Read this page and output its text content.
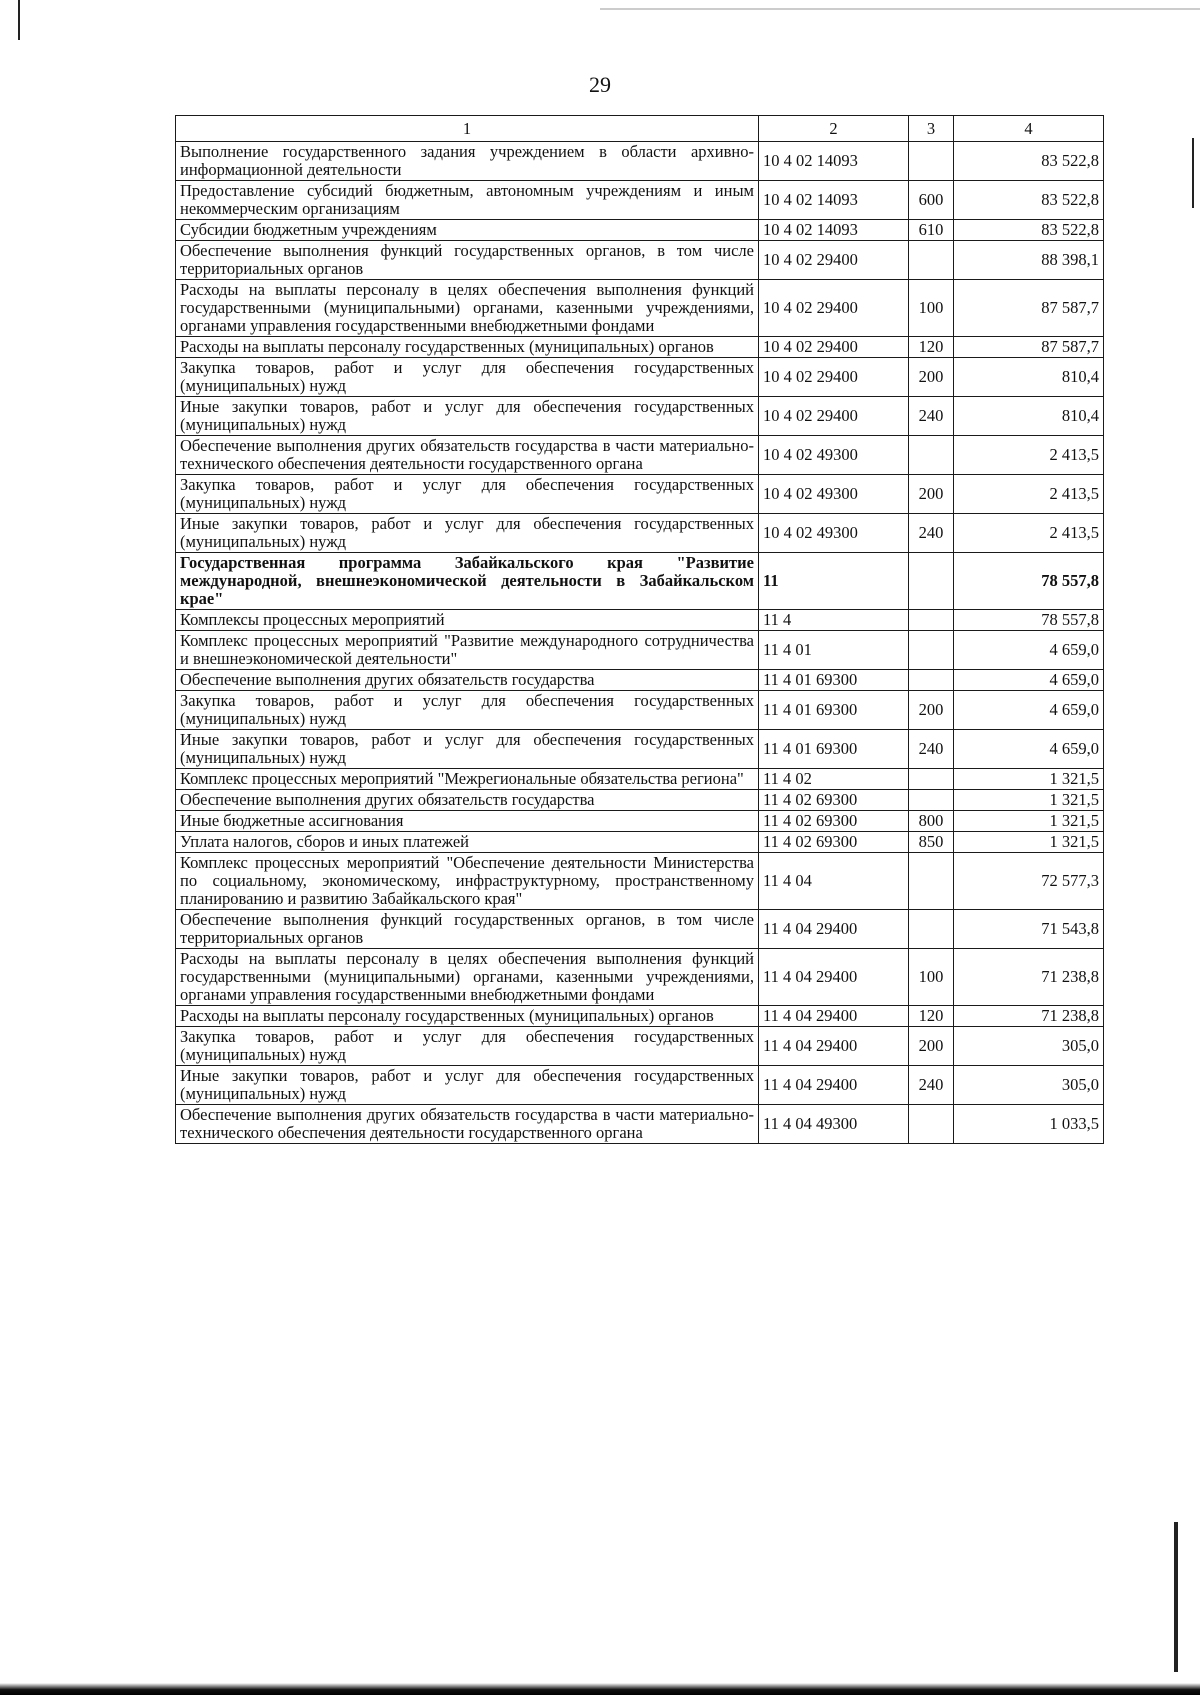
29
1	2	3	4
Выполнение государственного задания учреждением в области архивно-информационной деятельности	10 4 02 14093		83 522,8
Предоставление субсидий бюджетным, автономным учреждениям и иным некоммерческим организациям	10 4 02 14093	600	83 522,8
Субсидии бюджетным учреждениям	10 4 02 14093	610	83 522,8
Обеспечение выполнения функций государственных органов, в том числе территориальных органов	10 4 02 29400		88 398,1
Расходы на выплаты персоналу в целях обеспечения выполнения функций государственными (муниципальными) органами, казенными учреждениями, органами управления государственными внебюджетными фондами	10 4 02 29400	100	87 587,7
Расходы на выплаты персоналу государственных (муниципальных) органов	10 4 02 29400	120	87 587,7
Закупка товаров, работ и услуг для обеспечения государственных (муниципальных) нужд	10 4 02 29400	200	810,4
Иные закупки товаров, работ и услуг для обеспечения государственных (муниципальных) нужд	10 4 02 29400	240	810,4
Обеспечение выполнения других обязательств государства в части материально-технического обеспечения деятельности государственного органа	10 4 02 49300		2 413,5
Закупка товаров, работ и услуг для обеспечения государственных (муниципальных) нужд	10 4 02 49300	200	2 413,5
Иные закупки товаров, работ и услуг для обеспечения государственных (муниципальных) нужд	10 4 02 49300	240	2 413,5
Государственная программа Забайкальского края "Развитие международной, внешнеэкономической деятельности в Забайкальском крае"	11		78 557,8
Комплексы процессных мероприятий	11 4		78 557,8
Комплекс процессных мероприятий "Развитие международного сотрудничества и внешнеэкономической деятельности"	11 4 01		4 659,0
Обеспечение выполнения других обязательств государства	11 4 01 69300		4 659,0
Закупка товаров, работ и услуг для обеспечения государственных (муниципальных) нужд	11 4 01 69300	200	4 659,0
Иные закупки товаров, работ и услуг для обеспечения государственных (муниципальных) нужд	11 4 01 69300	240	4 659,0
Комплекс процессных мероприятий "Межрегиональные обязательства региона"	11 4 02		1 321,5
Обеспечение выполнения других обязательств государства	11 4 02 69300		1 321,5
Иные бюджетные ассигнования	11 4 02 69300	800	1 321,5
Уплата налогов, сборов и иных платежей	11 4 02 69300	850	1 321,5
Комплекс процессных мероприятий "Обеспечение деятельности Министерства по социальному, экономическому, инфраструктурному, пространственному планированию и развитию Забайкальского края"	11 4 04		72 577,3
Обеспечение выполнения функций государственных органов, в том числе территориальных органов	11 4 04 29400		71 543,8
Расходы на выплаты персоналу в целях обеспечения выполнения функций государственными (муниципальными) органами, казенными учреждениями, органами управления государственными внебюджетными фондами	11 4 04 29400	100	71 238,8
Расходы на выплаты персоналу государственных (муниципальных) органов	11 4 04 29400	120	71 238,8
Закупка товаров, работ и услуг для обеспечения государственных (муниципальных) нужд	11 4 04 29400	200	305,0
Иные закупки товаров, работ и услуг для обеспечения государственных (муниципальных) нужд	11 4 04 29400	240	305,0
Обеспечение выполнения других обязательств государства в части материально-технического обеспечения деятельности государственного органа	11 4 04 49300		1 033,5
